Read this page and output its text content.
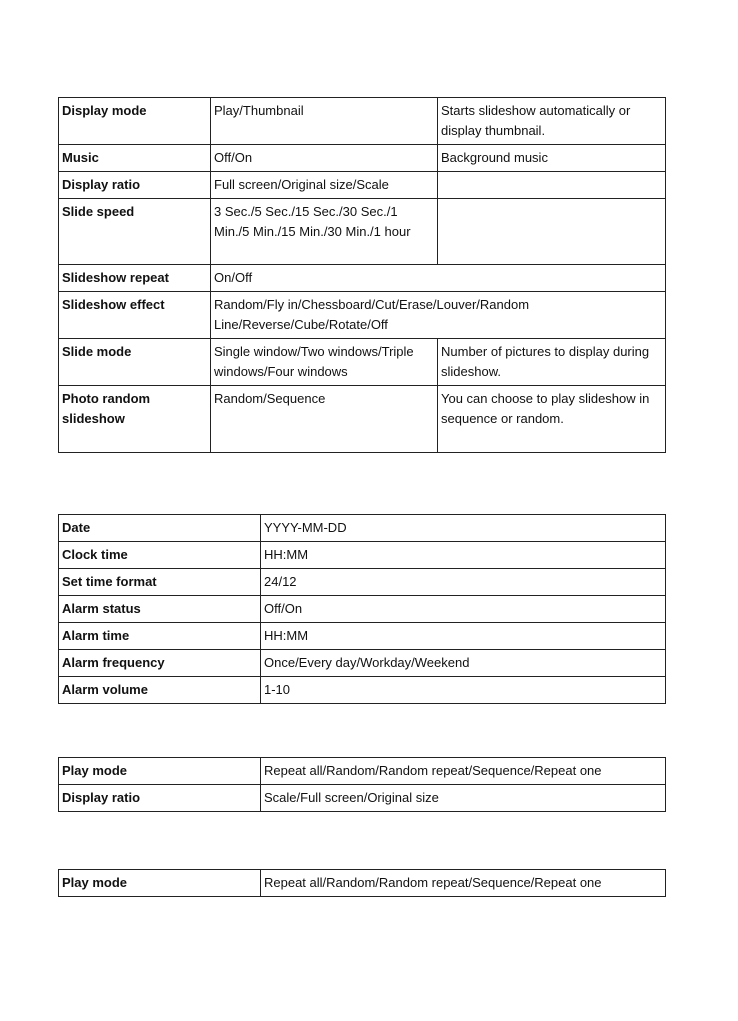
Display mode	Play/Thumbnail	Starts slideshow automatically or display thumbnail.
Music	Off/On	Background music
Display ratio	Full screen/Original size/Scale	
Slide speed	3 Sec./5 Sec./15 Sec./30 Sec./1 Min./5 Min./15 Min./30 Min./1 hour	
Slideshow repeat	On/Off	
Slideshow effect	Random/Fly in/Chessboard/Cut/Erase/Louver/Random Line/Reverse/Cube/Rotate/Off	
Slide mode	Single window/Two windows/Triple windows/Four windows	Number of pictures to display during slideshow.
Photo random slideshow	Random/Sequence	You can choose to play slideshow in sequence or random.
Date	YYYY-MM-DD
Clock time	HH:MM
Set time format	24/12
Alarm status	Off/On
Alarm time	HH:MM
Alarm frequency	Once/Every day/Workday/Weekend
Alarm volume	1-10
Play mode	Repeat all/Random/Random repeat/Sequence/Repeat one
Display ratio	Scale/Full screen/Original size
Play mode	Repeat all/Random/Random repeat/Sequence/Repeat one
